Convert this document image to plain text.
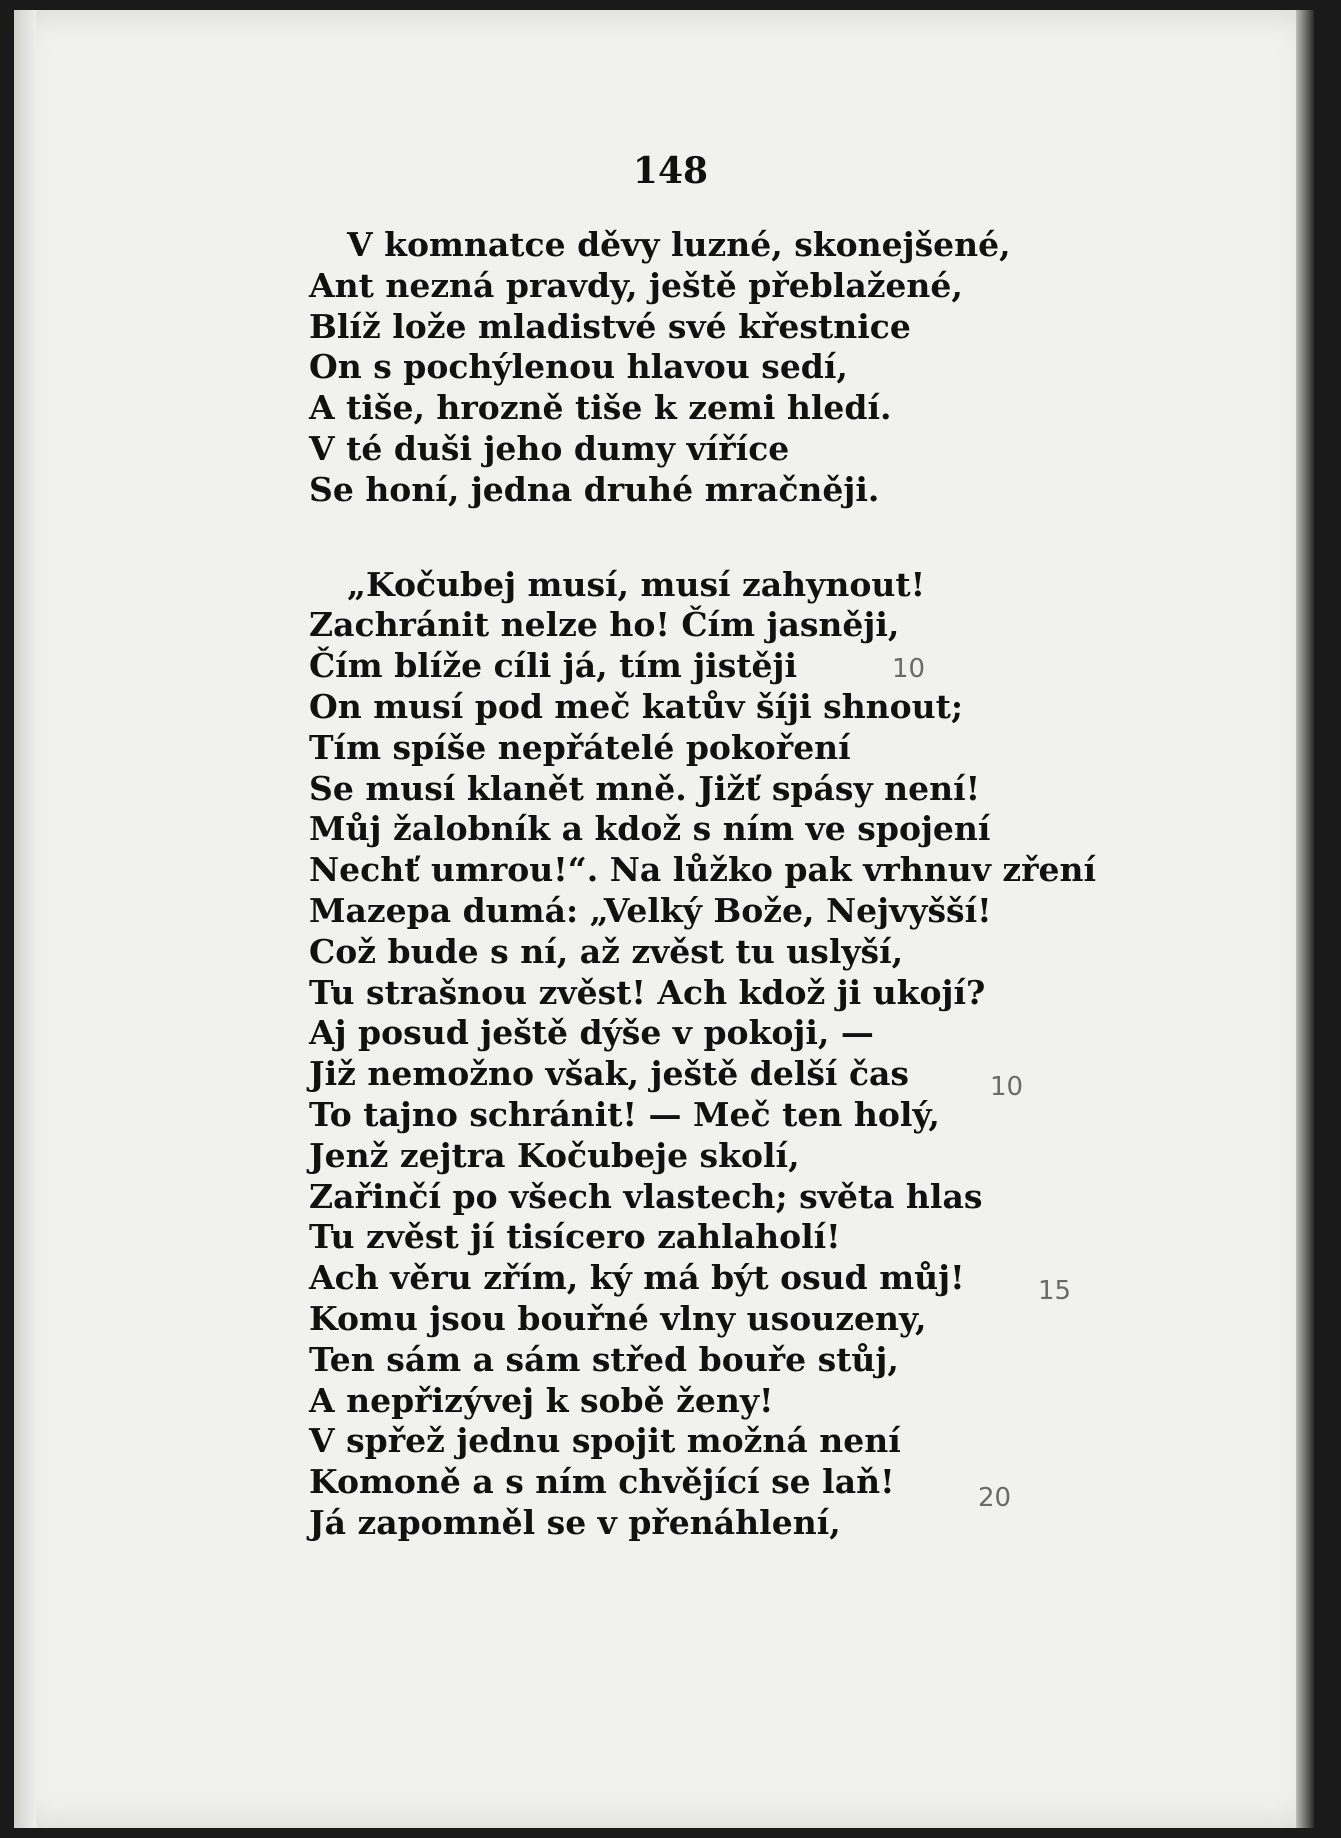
148
V komnatce děvy luzné, skonejšené,
Ant nezná pravdy, ještě přeblažené,
Blíž lože mladistvé své křestnice
On s pochýlenou hlavou sedí,
A tiše, hrozně tiše k zemi hledí.
V té duši jeho dumy víříce
Se honí, jedna druhé mračněji.
„Kočubej musí, musí zahynout!
Zachránit nelze ho! Čím jasněji,
Čím blíže cíli já, tím jistěji
On musí pod meč katův šíji shnout;
Tím spíše nepřátelé pokoření
Se musí klanět mně. Jižť spásy není!
Můj žalobník a kdož s ním ve spojení
Nechť umrou!“. Na lůžko pak vrhnuv zření
Mazepa dumá: „Velký Bože, Nejvyšší!
Což bude s ní, až zvěst tu uslyší,
Tu strašnou zvěst! Ach kdož ji ukojí?
Aj posud ještě dýše v pokoji, —
Již nemožno však, ještě delší čas
To tajno schránit! — Meč ten holý,
Jenž zejtra Kočubeje skolí,
Zařinčí po všech vlastech; světa hlas
Tu zvěst jí tisícero zahlaholí!
Ach věru zřím, ký má být osud můj!
Komu jsou bouřné vlny usouzeny,
Ten sám a sám střed bouře stůj,
A nepřizývej k sobě ženy!
V spřež jednu spojit možná není
Komoně a s ním chvějící se laň!
Já zapomněl se v přenáhlení,
10
10
15
20
